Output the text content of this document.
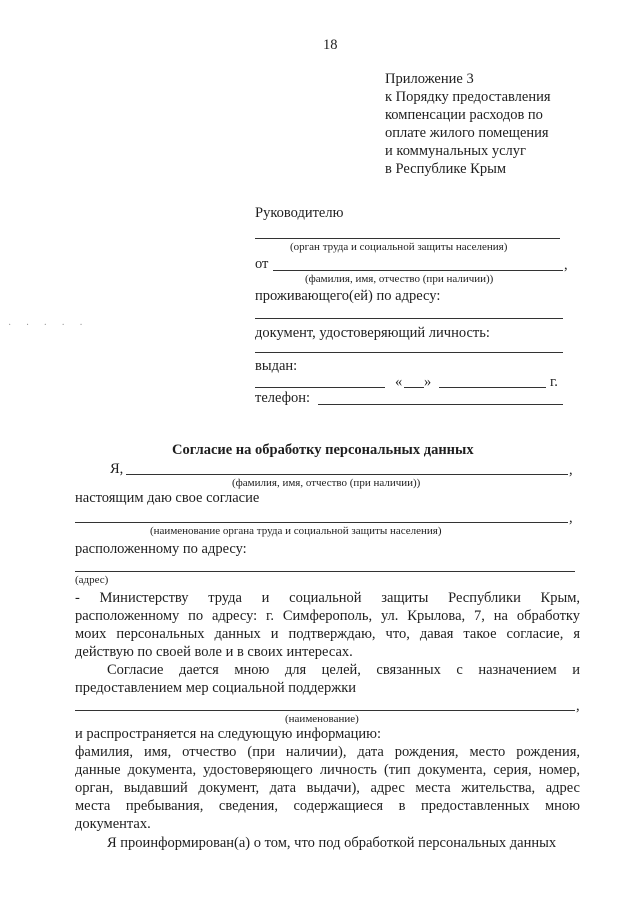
18
Приложение 3
к Порядку предоставления
компенсации расходов по
оплате жилого помещения
и коммунальных услуг
в Республике Крым
Руководителю
(орган труда и социальной защиты населения)
от	,
(фамилия, имя, отчество (при наличии))
проживающего(ей) по адресу:
документ, удостоверяющий личность:
выдан:
« »	г.
телефон:
· · · · ·
Согласие на обработку персональных данных
Я,	,
(фамилия, имя, отчество (при наличии))
настоящим даю свое согласие
,
(наименование органа труда и социальной защиты населения)
расположенному по адресу:
(адрес)
- Министерству труда и социальной защиты Республики Крым,
расположенному по адресу: г. Симферополь, ул. Крылова, 7, на обработку
моих персональных данных и подтверждаю, что, давая такое согласие, я
действую по своей воле и в своих интересах.
Согласие дается мною для целей, связанных с назначением и
предоставлением мер социальной поддержки
,
(наименование)
и распространяется на следующую информацию:
фамилия, имя, отчество (при наличии), дата рождения, место рождения,
данные документа, удостоверяющего личность (тип документа, серия, номер,
орган, выдавший документ, дата выдачи), адрес места жительства, адрес
места пребывания, сведения, содержащиеся в предоставленных мною
документах.
Я проинформирован(а) о том, что под обработкой персональных данных
